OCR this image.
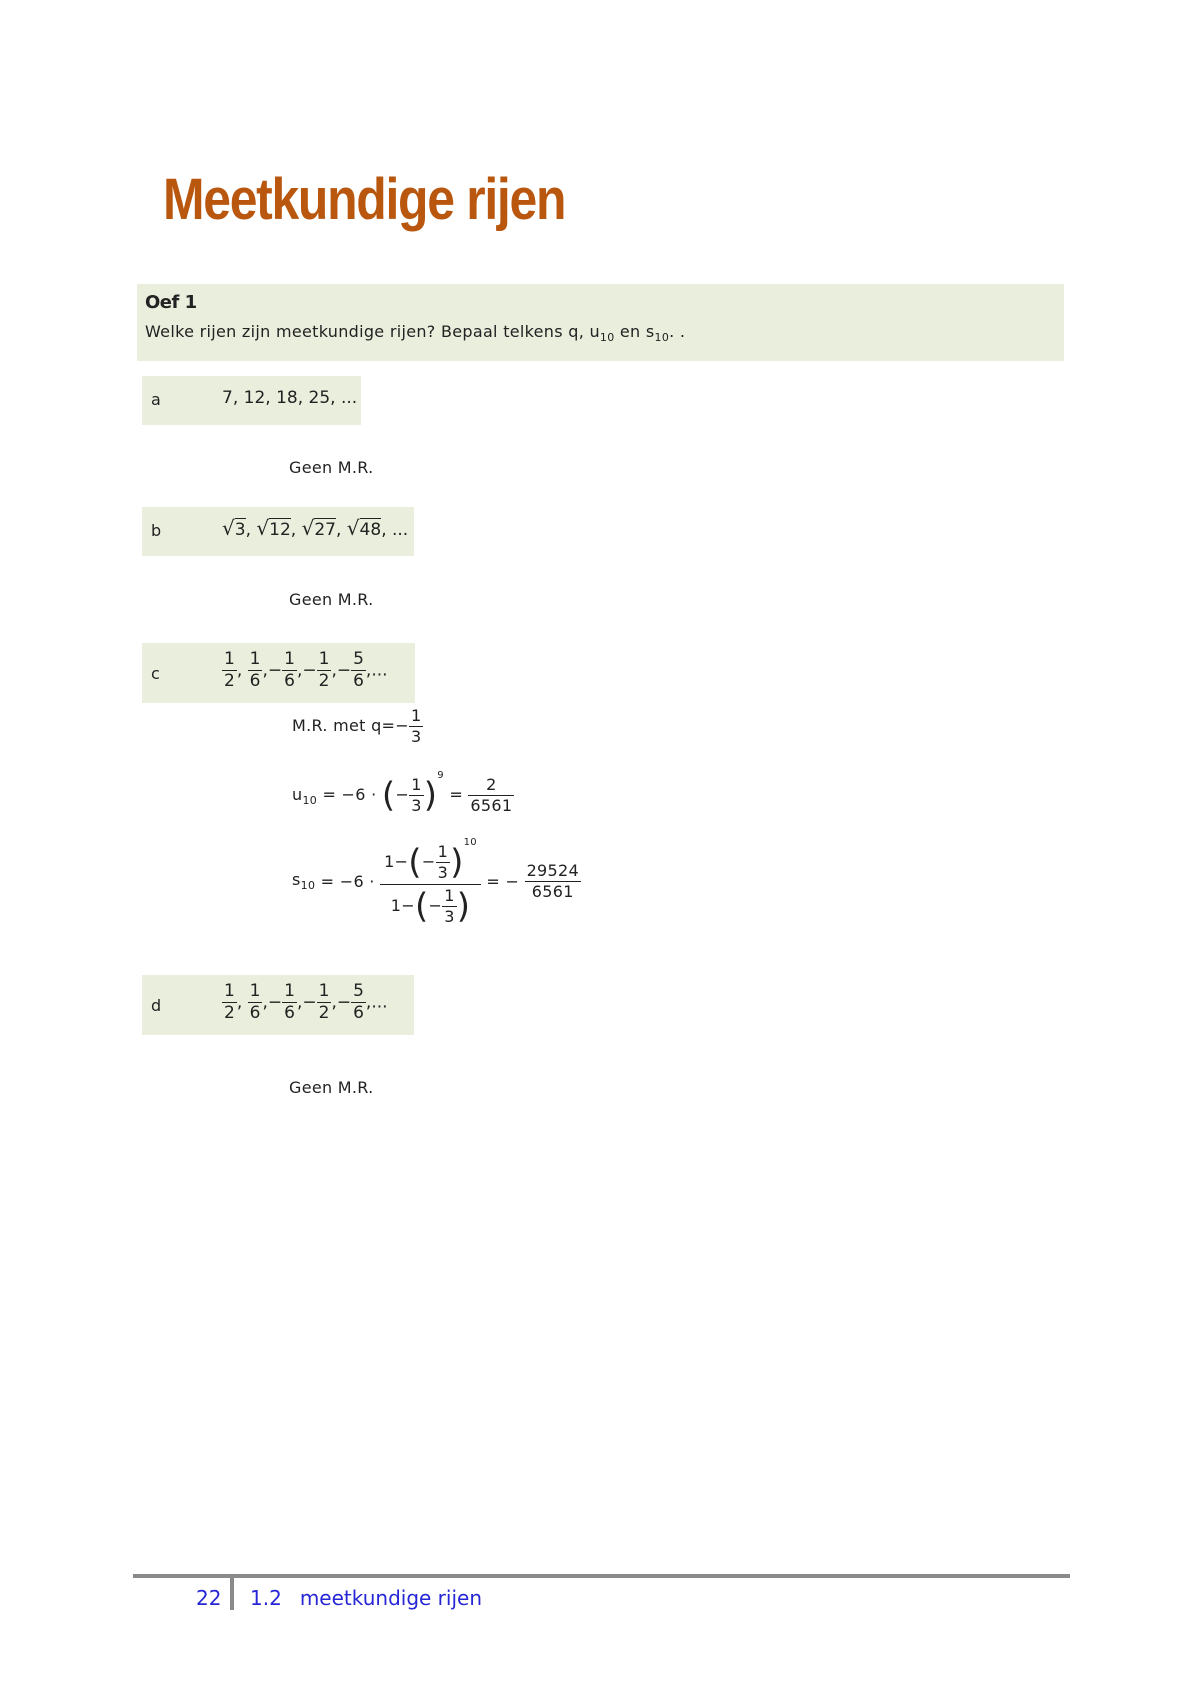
Meetkundige rijen
Oef 1
Welke rijen zijn meetkundige rijen? Bepaal telkens q, $u_{10}$ en $s_{10}$. .
a	7, 12, 18, 25, ...
Geen M.R.
b	√3, √12, √27, √48, ...
Geen M.R.
c	$\frac{1}{2}$ , $\frac{1}{6}$ ,− $\frac{1}{6}$ ,− $\frac{1}{2}$ ,− $\frac{5}{6}$ ,...
M.R. met $q=- \frac{1}{3}$
$u_{10} = -6$ · (− $\frac{1}{3} )^9 = \frac{2}{6561}$
$s_{10} = -6 \cdot \frac{1-(- \frac{1}{3} )^{10}}{1-(- \frac{1}{3} )}$ = − $\frac{29524}{6561}$
d	$\frac{1}{2}$ , $\frac{1}{6}$ ,− $\frac{1}{6}$ ,− $\frac{1}{2}$ ,− $\frac{5}{6}$ ,...
Geen M.R.
22 1.2 meetkundige rijen
